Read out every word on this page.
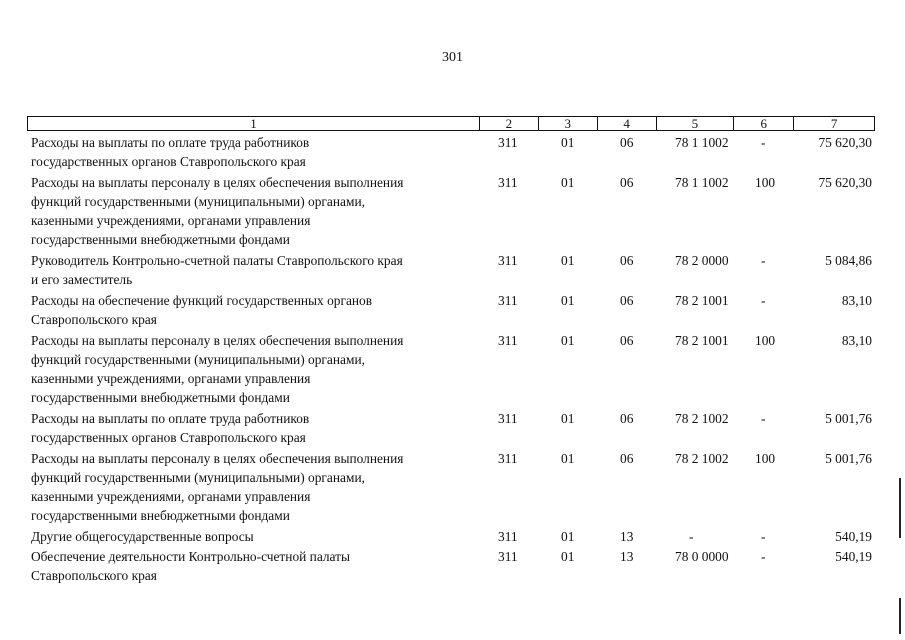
301
1	2	3	4	5	6	7
Расходы на выплаты по оплате труда работников
государственных органов Ставропольского края
311	01	06	78 1 1002	-	75 620,30
Расходы на выплаты персоналу в целях обеспечения выполнения
функций государственными (муниципальными) органами,
казенными учреждениями, органами управления
государственными внебюджетными фондами
311	01	06	78 1 1002	100	75 620,30
Руководитель Контрольно-счетной палаты Ставропольского края
и его заместитель
311	01	06	78 2 0000	-	5 084,86
Расходы на обеспечение функций государственных органов
Ставропольского края
311	01	06	78 2 1001	-	83,10
Расходы на выплаты персоналу в целях обеспечения выполнения
функций государственными (муниципальными) органами,
казенными учреждениями, органами управления
государственными внебюджетными фондами
311	01	06	78 2 1001	100	83,10
Расходы на выплаты по оплате труда работников
государственных органов Ставропольского края
311	01	06	78 2 1002	-	5 001,76
Расходы на выплаты персоналу в целях обеспечения выполнения
функций государственными (муниципальными) органами,
казенными учреждениями, органами управления
государственными внебюджетными фондами
311	01	06	78 2 1002	100	5 001,76
Другие общегосударственные вопросы	311	01	13	-	-	540,19
Обеспечение деятельности Контрольно-счетной палаты
Ставропольского края
311	01	13	78 0 0000	-	540,19
